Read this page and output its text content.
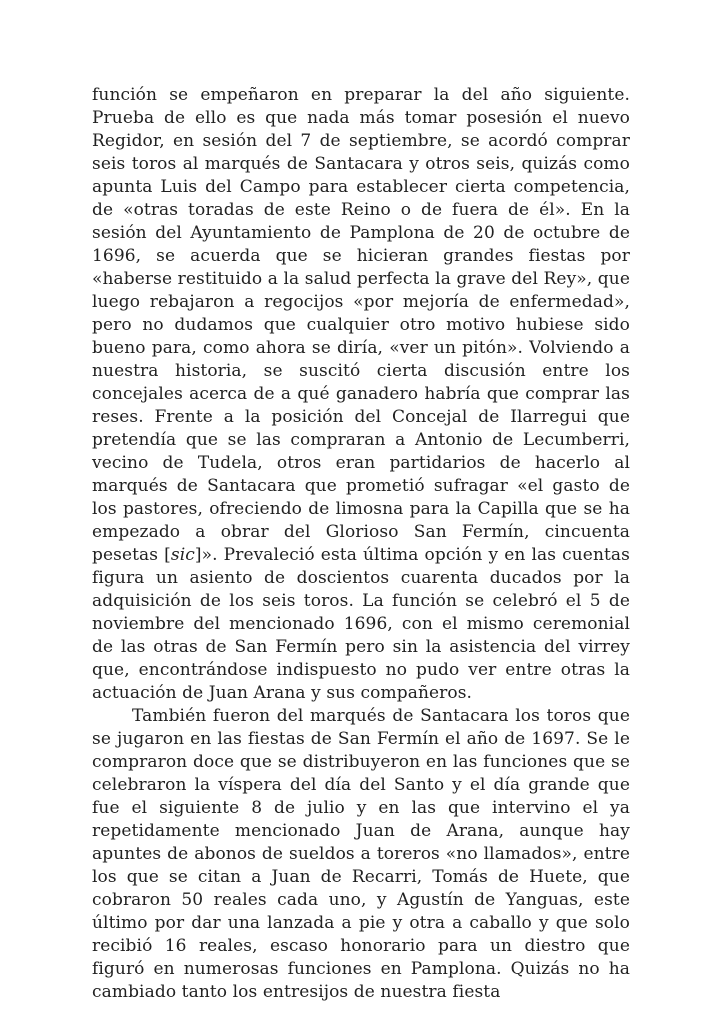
función se empeñaron en preparar la del año siguiente. Prueba de ello es que nada más tomar posesión el nuevo Regidor, en sesión del 7 de septiembre, se acordó comprar seis toros al marqués de Santacara y otros seis, quizás como apunta Luis del Campo para establecer cierta competencia, de «otras toradas de este Reino o de fuera de él». En la sesión del Ayuntamiento de Pamplona de 20 de octubre de 1696, se acuerda que se hicieran grandes fiestas por «haberse restituido a la salud perfecta la grave del Rey», que luego rebajaron a regocijos «por mejoría de enfermedad», pero no dudamos que cualquier otro motivo hubiese sido bueno para, como ahora se diría, «ver un pitón». Volviendo a nuestra historia, se suscitó cierta discusión entre los concejales acerca de a qué ganadero habría que comprar las reses. Frente a la posición del Concejal de Ilarregui que pretendía que se las compraran a Antonio de Lecumberri, vecino de Tudela, otros eran partidarios de hacerlo al marqués de Santacara que prometió sufragar «el gasto de los pastores, ofreciendo de limosna para la Capilla que se ha empezado a obrar del Glorioso San Fermín, cincuenta pesetas [sic]». Prevaleció esta última opción y en las cuentas figura un asiento de doscientos cuarenta ducados por la adquisición de los seis toros. La función se celebró el 5 de noviembre del mencionado 1696, con el mismo ceremonial de las otras de San Fermín pero sin la asistencia del virrey que, encontrándose indispuesto no pudo ver entre otras la actuación de Juan Arana y sus compañeros.

También fueron del marqués de Santacara los toros que se jugaron en las fiestas de San Fermín el año de 1697. Se le compraron doce que se distribuyeron en las funciones que se celebraron la víspera del día del Santo y el día grande que fue el siguiente 8 de julio y en las que intervino el ya repetidamente mencionado Juan de Arana, aunque hay apuntes de abonos de sueldos a toreros «no llamados», entre los que se citan a Juan de Recarri, Tomás de Huete, que cobraron 50 reales cada uno, y Agustín de Yanguas, este último por dar una lanzada a pie y otra a caballo y que solo recibió 16 reales, escaso honorario para un diestro que figuró en numerosas funciones en Pamplona. Quizás no ha cambiado tanto los entresijos de nuestra fiesta
